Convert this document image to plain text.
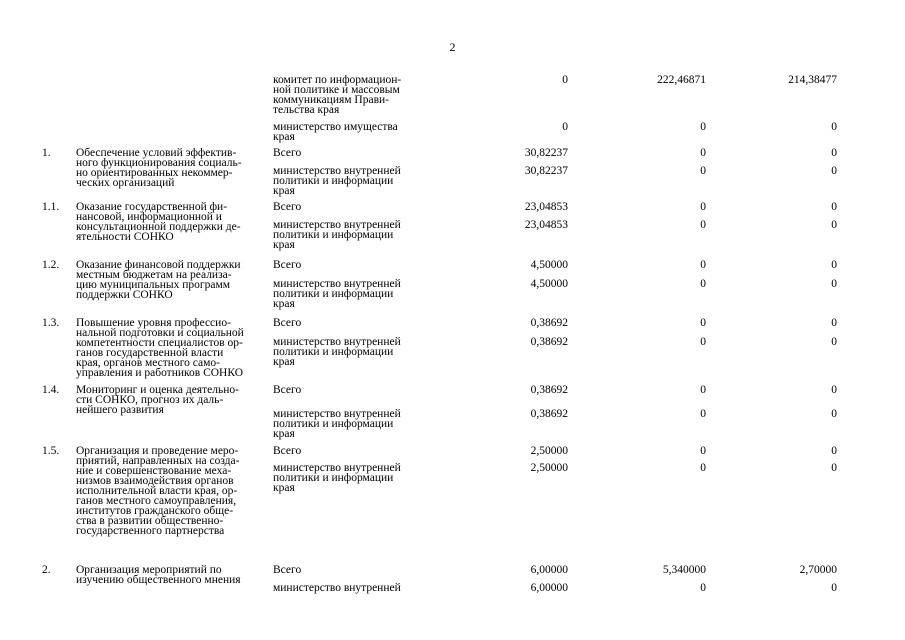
2
комитет по информацион-
ной политике и массовым
коммуникациям Прави-
тельства края
0	222,46871	214,38477
министерство имущества
края
0	0	0
1. Обеспечение условий эффектив-
ного функционирования социаль-
но ориентированных некоммер-
ческих организаций
Всего	30,82237	0	0
министерство внутренней
политики и информации
края
30,82237	0	0
1.1. Оказание государственной фи-
нансовой, информационной и
консультационной поддержки де-
ятельности СОНКО
Всего	23,04853	0	0
министерство внутренней
политики и информации
края
23,04853	0	0
1.2. Оказание финансовой поддержки
местным бюджетам на реализа-
цию муниципальных программ
поддержки СОНКО
Всего	4,50000	0	0
министерство внутренней
политики и информации
края
4,50000	0	0
1.3. Повышение уровня профессио-
нальной подготовки и социальной
компетентности специалистов ор-
ганов государственной власти
края, органов местного само-
управления и работников СОНКО
Всего	0,38692	0	0
министерство внутренней
политики и информации
края
0,38692	0	0
1.4. Мониторинг и оценка деятельно-
сти СОНКО, прогноз их даль-
нейшего развития
Всего	0,38692	0	0
министерство внутренней
политики и информации
края
0,38692	0	0
1.5. Организация и проведение меро-
приятий, направленных на созда-
ние и совершенствование меха-
низмов взаимодействия органов
исполнительной власти края, ор-
ганов местного самоуправления,
институтов гражданского обще-
ства в развитии общественно-
государственного партнерства
Всего	2,50000	0	0
министерство внутренней
политики и информации
края
2,50000	0	0
2. Организация мероприятий по
изучению общественного мнения
Всего	6,00000	5,340000	2,70000
министерство внутренней	6,00000	0	0
